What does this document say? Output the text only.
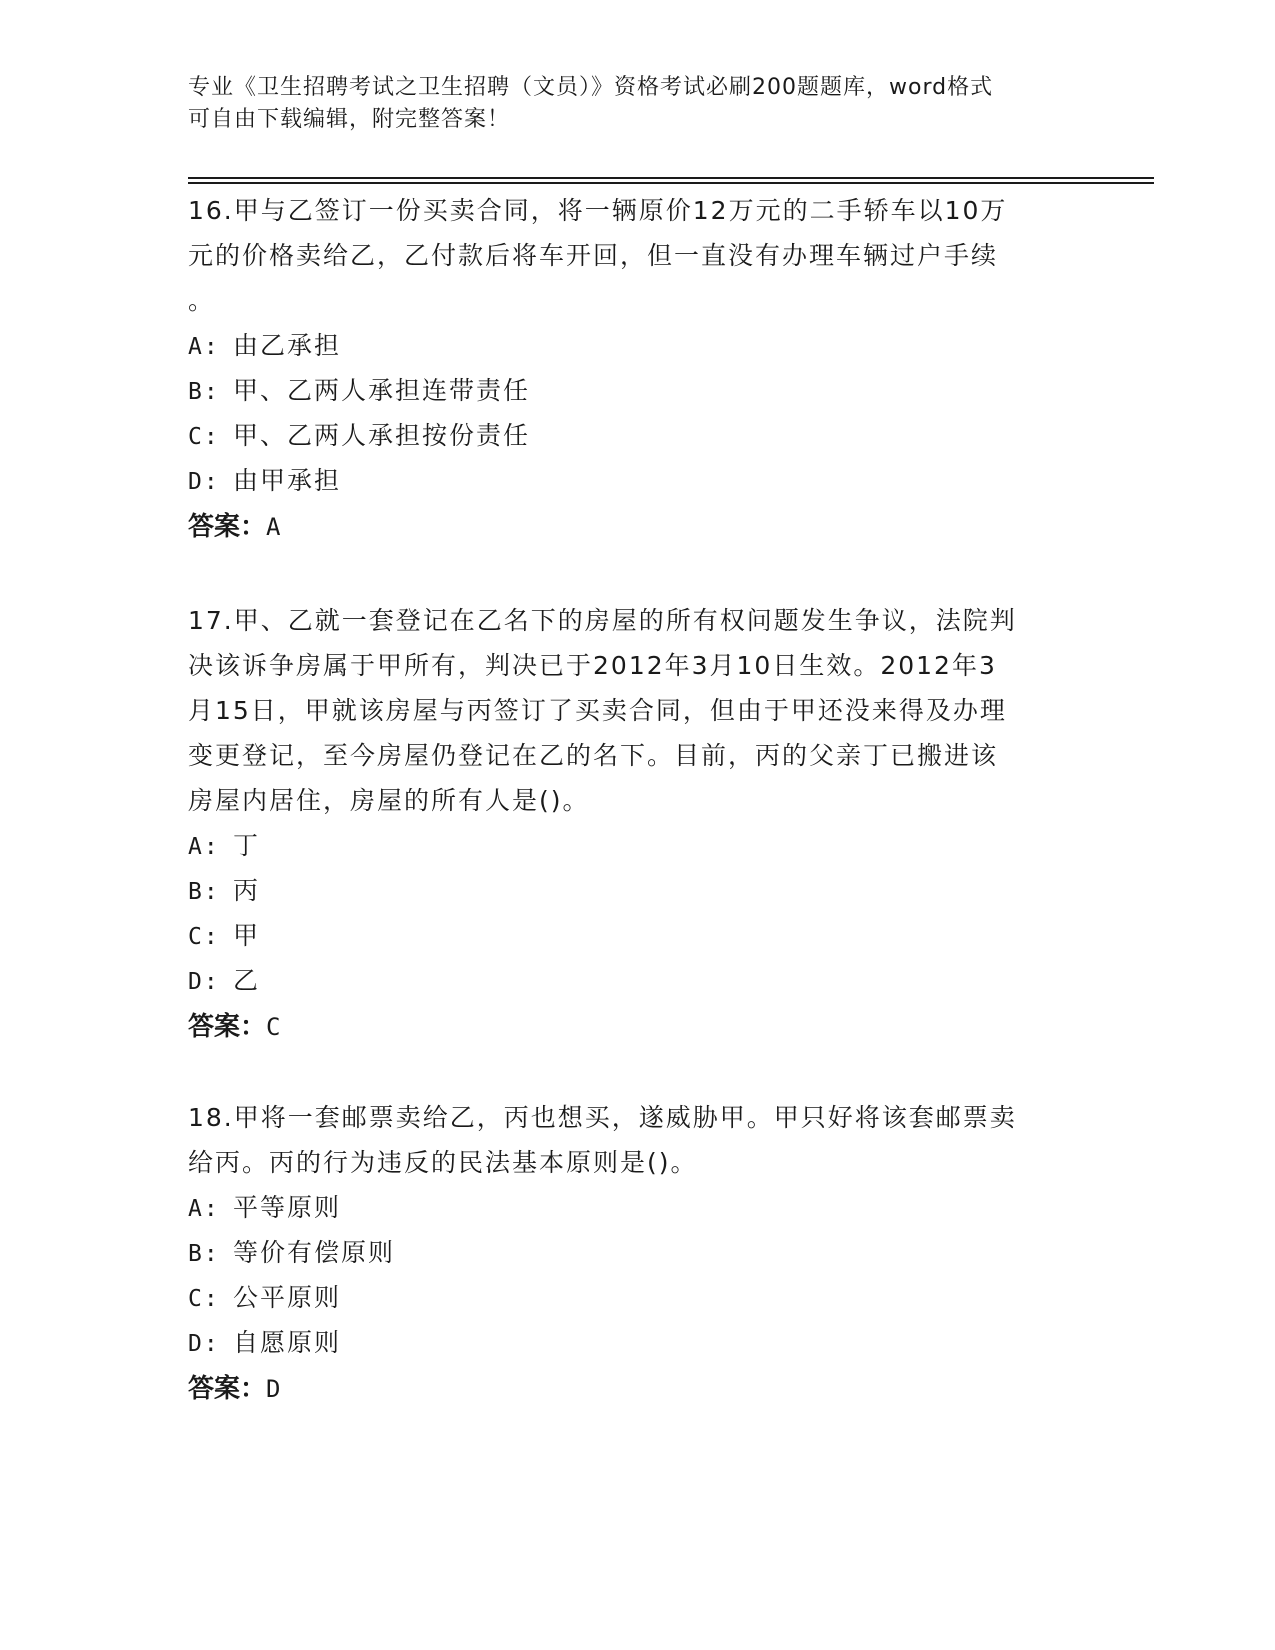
专业《卫生招聘考试之卫生招聘（文员）》资格考试必刷200题题库，word格式
可自由下载编辑，附完整答案！
16.甲与乙签订一份买卖合同，将一辆原价12万元的二手轿车以10万
元的价格卖给乙，乙付款后将车开回，但一直没有办理车辆过户手续
。
A: 由乙承担
B: 甲、乙两人承担连带责任
C: 甲、乙两人承担按份责任
D: 由甲承担
答案：A
17.甲、乙就一套登记在乙名下的房屋的所有权问题发生争议，法院判
决该诉争房属于甲所有，判决已于2012年3月10日生效。2012年3
月15日，甲就该房屋与丙签订了买卖合同，但由于甲还没来得及办理
变更登记，至今房屋仍登记在乙的名下。目前，丙的父亲丁已搬进该
房屋内居住，房屋的所有人是()。
A: 丁
B: 丙
C: 甲
D: 乙
答案：C
18.甲将一套邮票卖给乙，丙也想买，遂威胁甲。甲只好将该套邮票卖
给丙。丙的行为违反的民法基本原则是()。
A: 平等原则
B: 等价有偿原则
C: 公平原则
D: 自愿原则
答案：D
